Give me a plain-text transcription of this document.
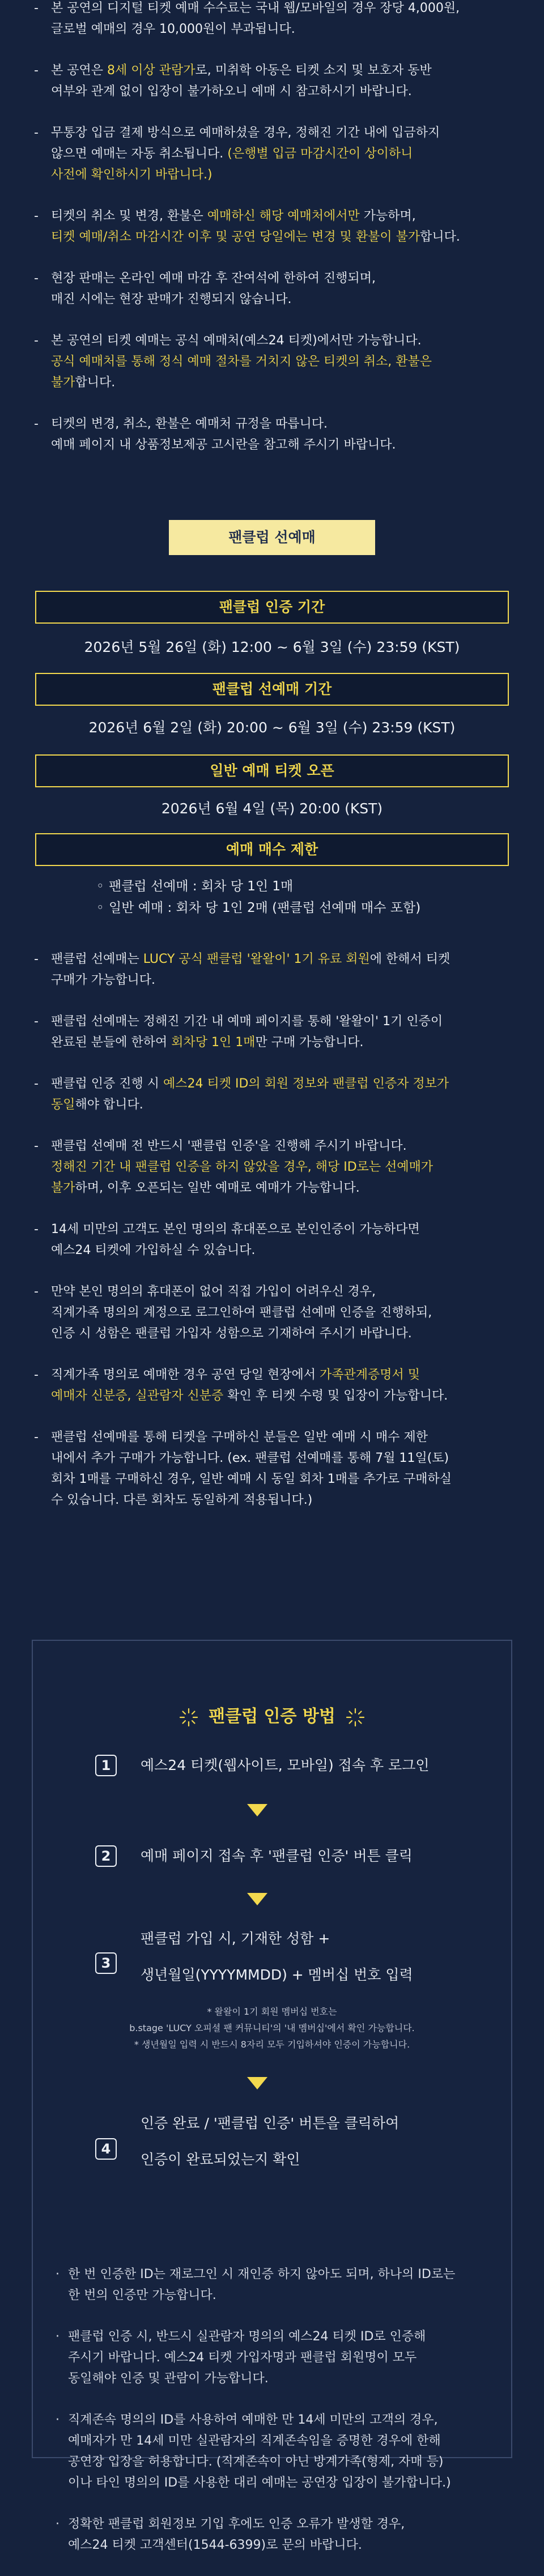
- 본 공연의 디지털 티켓 예매 수수료는 국내 웹/모바일의 경우 장당 4,000원,
글로벌 예매의 경우 10,000원이 부과됩니다.
- 본 공연은 8세 이상 관람가로, 미취학 아동은 티켓 소지 및 보호자 동반
여부와 관계 없이 입장이 불가하오니 예매 시 참고하시기 바랍니다.
- 무통장 입금 결제 방식으로 예매하셨을 경우, 정해진 기간 내에 입금하지
않으면 예매는 자동 취소됩니다. (은행별 입금 마감시간이 상이하니
사전에 확인하시기 바랍니다.)
- 티켓의 취소 및 변경, 환불은 예매하신 해당 예매처에서만 가능하며,
티켓 예매/취소 마감시간 이후 및 공연 당일에는 변경 및 환불이 불가합니다.
- 현장 판매는 온라인 예매 마감 후 잔여석에 한하여 진행되며,
매진 시에는 현장 판매가 진행되지 않습니다.
- 본 공연의 티켓 예매는 공식 예매처(예스24 티켓)에서만 가능합니다.
공식 예매처를 통해 정식 예매 절차를 거치지 않은 티켓의 취소, 환불은
불가합니다.
- 티켓의 변경, 취소, 환불은 예매처 규정을 따릅니다.
예매 페이지 내 상품정보제공 고시란을 참고해 주시기 바랍니다.
팬클럽 선예매
팬클럽 인증 기간
2026년 5월 26일 (화) 12:00 ~ 6월 3일 (수) 23:59 (KST)
팬클럽 선예매 기간
2026년 6월 2일 (화) 20:00 ~ 6월 3일 (수) 23:59 (KST)
일반 예매 티켓 오픈
2026년 6월 4일 (목) 20:00 (KST)
예매 매수 제한
◦ 팬클럽 선예매 : 회차 당 1인 1매
◦ 일반 예매 : 회차 당 1인 2매 (팬클럽 선예매 매수 포함)
- 팬클럽 선예매는 LUCY 공식 팬클럽 '왈왈이' 1기 유료 회원에 한해서 티켓
구매가 가능합니다.
- 팬클럽 선예매는 정해진 기간 내 예매 페이지를 통해 '왈왈이' 1기 인증이
완료된 분들에 한하여 회차당 1인 1매만 구매 가능합니다.
- 팬클럽 인증 진행 시 예스24 티켓 ID의 회원 정보와 팬클럽 인증자 정보가
동일해야 합니다.
- 팬클럽 선예매 전 반드시 '팬클럽 인증'을 진행해 주시기 바랍니다.
정해진 기간 내 팬클럽 인증을 하지 않았을 경우, 해당 ID로는 선예매가
불가하며, 이후 오픈되는 일반 예매로 예매가 가능합니다.
- 14세 미만의 고객도 본인 명의의 휴대폰으로 본인인증이 가능하다면
예스24 티켓에 가입하실 수 있습니다.
- 만약 본인 명의의 휴대폰이 없어 직접 가입이 어려우신 경우,
직계가족 명의의 계정으로 로그인하여 팬클럽 선예매 인증을 진행하되,
인증 시 성함은 팬클럽 가입자 성함으로 기재하여 주시기 바랍니다.
- 직계가족 명의로 예매한 경우 공연 당일 현장에서 가족관계증명서 및
예매자 신분증, 실관람자 신분증 확인 후 티켓 수령 및 입장이 가능합니다.
- 팬클럽 선예매를 통해 티켓을 구매하신 분들은 일반 예매 시 매수 제한
내에서 추가 구매가 가능합니다. (ex. 팬클럽 선예매를 통해 7월 11일(토)
회차 1매를 구매하신 경우, 일반 예매 시 동일 회차 1매를 추가로 구매하실
수 있습니다. 다른 회차도 동일하게 적용됩니다.)
팬클럽 인증 방법
1	예스24 티켓(웹사이트, 모바일) 접속 후 로그인
2	예매 페이지 접속 후 '팬클럽 인증' 버튼 클릭
3
팬클럽 가입 시, 기재한 성함 +
생년월일(YYYYMMDD) + 멤버십 번호 입력
* 왈왈이 1기 회원 멤버십 번호는
b.stage 'LUCY 오피셜 팬 커뮤니티'의 '내 멤버십'에서 확인 가능합니다.
* 생년월일 입력 시 반드시 8자리 모두 기입하셔야 인증이 가능합니다.
4
인증 완료 / '팬클럽 인증' 버튼을 클릭하여
인증이 완료되었는지 확인
· 한 번 인증한 ID는 재로그인 시 재인증 하지 않아도 되며, 하나의 ID로는
한 번의 인증만 가능합니다.
· 팬클럽 인증 시, 반드시 실관람자 명의의 예스24 티켓 ID로 인증해
주시기 바랍니다. 예스24 티켓 가입자명과 팬클럽 회원명이 모두
동일해야 인증 및 관람이 가능합니다.
· 직계존속 명의의 ID를 사용하여 예매한 만 14세 미만의 고객의 경우,
예매자가 만 14세 미만 실관람자의 직계존속임을 증명한 경우에 한해
공연장 입장을 허용합니다. (직계존속이 아닌 방계가족(형제, 자매 등)
이나 타인 명의의 ID를 사용한 대리 예매는 공연장 입장이 불가합니다.)
· 정확한 팬클럽 회원정보 기입 후에도 인증 오류가 발생할 경우,
예스24 티켓 고객센터(1544-6399)로 문의 바랍니다.
